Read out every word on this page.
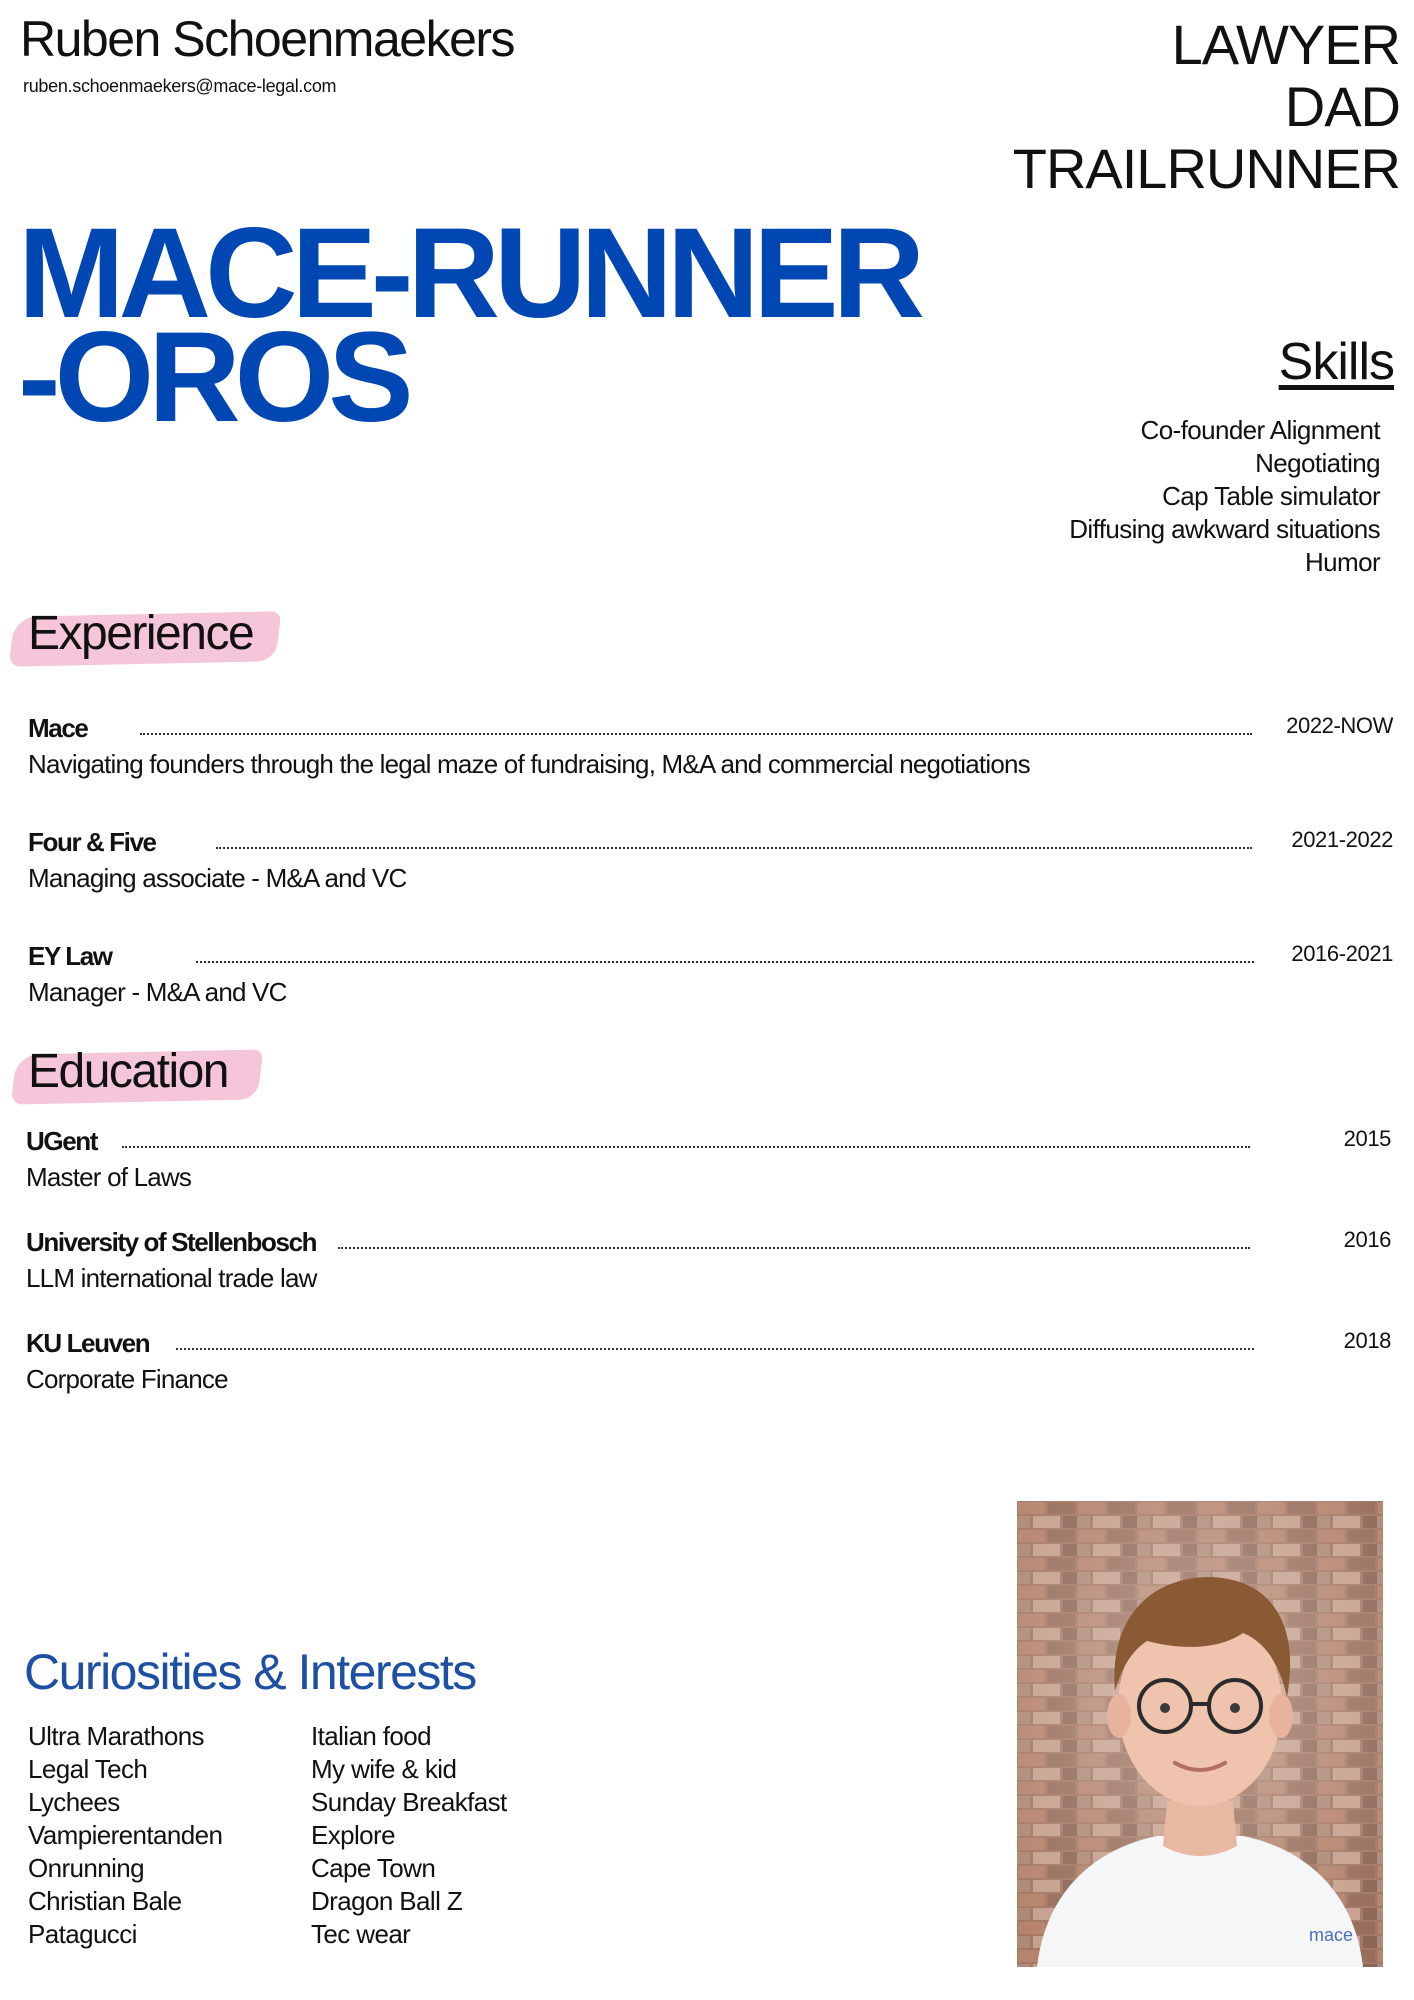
Ruben Schoenmaekers
ruben.schoenmaekers@mace-legal.com
LAWYER
DAD
TRAILRUNNER
MACE-RUNNER
-OROS	Skills
Co-founder Alignment
Negotiating
Cap Table simulator
Diffusing awkward situations
Humor
Experience
Mace	2022-NOW
Navigating founders through the legal maze of fundraising, M&A and commercial negotiations
Four & Five	2021-2022
Managing associate - M&A and VC
EY Law	2016-2021
Manager - M&A and VC
Education
UGent	2015
Master of Laws
University of Stellenbosch	2016
LLM international trade law
KU Leuven	2018
Corporate Finance
Curiosities & Interests
Ultra Marathons
Legal Tech
Lychees
Vampierentanden
Onrunning
Christian Bale
Patagucci
Italian food
My wife & kid
Sunday Breakfast
Explore
Cape Town
Dragon Ball Z
Tec wear	mace
